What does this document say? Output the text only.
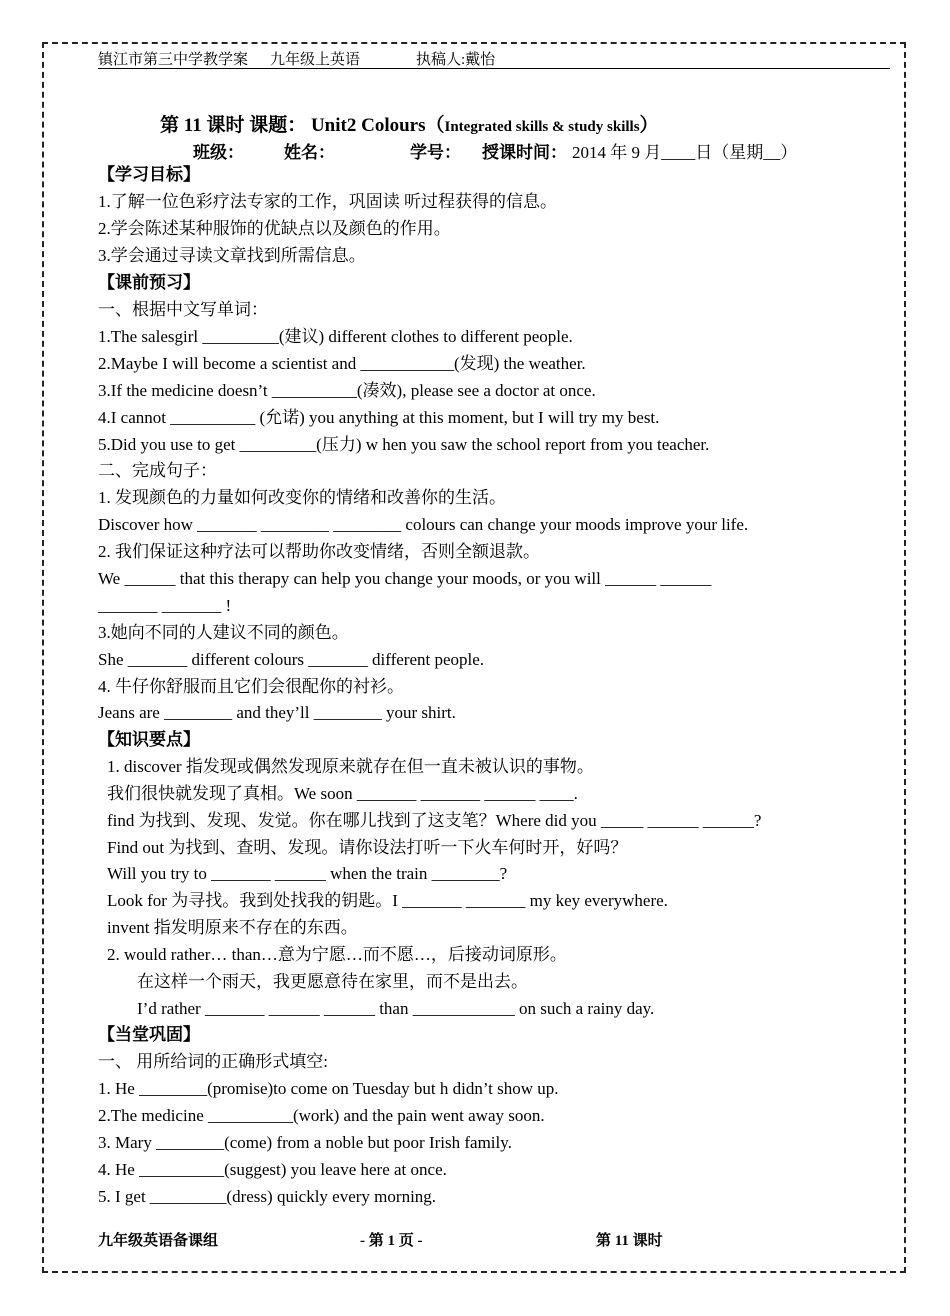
镇江市第三中学教学案 九年级上英语	执稿人:戴怡
第 11 课时 课题： Unit2 Colours（Integrated skills & study skills）
班级： 姓名：	学号： 授课时间： 2014 年 9 月____日（星期__）
【学习目标】
1.了解一位色彩疗法专家的工作，巩固读 听过程获得的信息。
2.学会陈述某种服饰的优缺点以及颜色的作用。
3.学会通过寻读文章找到所需信息。
【课前预习】
一、根据中文写单词：
1.The salesgirl _________(建议) different clothes to different people.
2.Maybe I will become a scientist and ___________(发现) the weather.
3.If the medicine doesn’t __________(凑效), please see a doctor at once.
4.I cannot __________ (允诺) you anything at this moment, but I will try my best.
5.Did you use to get _________(压力) w hen you saw the school report from you teacher.
二、完成句子：
1. 发现颜色的力量如何改变你的情绪和改善你的生活。
Discover how _______ ________ ________ colours can change your moods improve your life.
2. 我们保证这种疗法可以帮助你改变情绪，否则全额退款。
We ______ that this therapy can help you change your moods, or you will ______ ______
_______ _______ !
3.她向不同的人建议不同的颜色。
She _______ different colours _______ different people.
4. 牛仔你舒服而且它们会很配你的衬衫。
Jeans are ________ and they’ll ________ your shirt.
【知识要点】
1. discover 指发现或偶然发现原来就存在但一直未被认识的事物。
我们很快就发现了真相。We soon _______ _______ ______ ____.
find 为找到、发现、发觉。你在哪儿找到了这支笔？Where did you _____ ______ ______?
Find out 为找到、查明、发现。请你设法打听一下火车何时开，好吗？
Will you try to _______ ______ when the train ________?
Look for 为寻找。我到处找我的钥匙。I _______ _______ my key everywhere.
invent 指发明原来不存在的东西。
2. would rather… than…意为宁愿…而不愿…，后接动词原形。
在这样一个雨天，我更愿意待在家里，而不是出去。
I’d rather _______ ______ ______ than ____________ on such a rainy day.
【当堂巩固】
一、 用所给词的正确形式填空:
1. He ________(promise)to come on Tuesday but h didn’t show up.
2.The medicine __________(work) and the pain went away soon.
3. Mary ________(come) from a noble but poor Irish family.
4. He __________(suggest) you leave here at once.
5. I get _________(dress) quickly every morning.
九年级英语备课组	- 第 1 页 -	第 11 课时
